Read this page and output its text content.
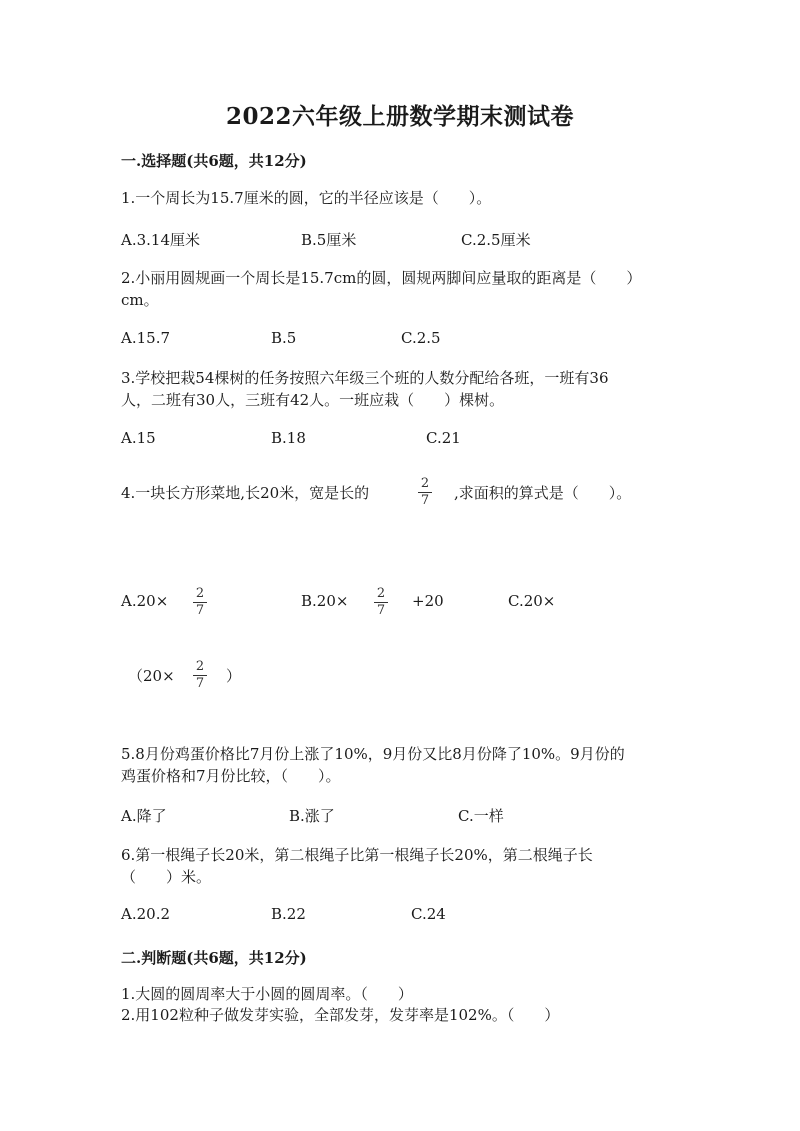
2022六年级上册数学期末测试卷
一.选择题(共6题，共12分)
1.一个周长为15.7厘米的圆，它的半径应该是（　　）。
A.3.14厘米	B.5厘米	C.2.5厘米
2.小丽用圆规画一个周长是15.7cm的圆，圆规两脚间应量取的距离是（　　）
cm。
A.15.7	B.5	C.2.5
3.学校把栽54棵树的任务按照六年级三个班的人数分配给各班，一班有36
人，二班有30人，三班有42人。一班应栽（　　）棵树。
A.15	B.18	C.21
4.一块长方形菜地,长20米，宽是长的
2
7 ,求面积的算式是（　　）。
A.20× 2
7
B.20× 2
7
+20	C.20×
（20×
2
7 ）
5.8月份鸡蛋价格比7月份上涨了10%，9月份又比8月份降了10%。9月份的
鸡蛋价格和7月份比较，（　　）。
A.降了	B.涨了	C.一样
6.第一根绳子长20米，第二根绳子比第一根绳子长20%，第二根绳子长
（　　）米。
A.20.2	B.22	C.24
二.判断题(共6题，共12分)
1.大圆的圆周率大于小圆的圆周率。（　　）
2.用102粒种子做发芽实验，全部发芽，发芽率是102%。（　　）
